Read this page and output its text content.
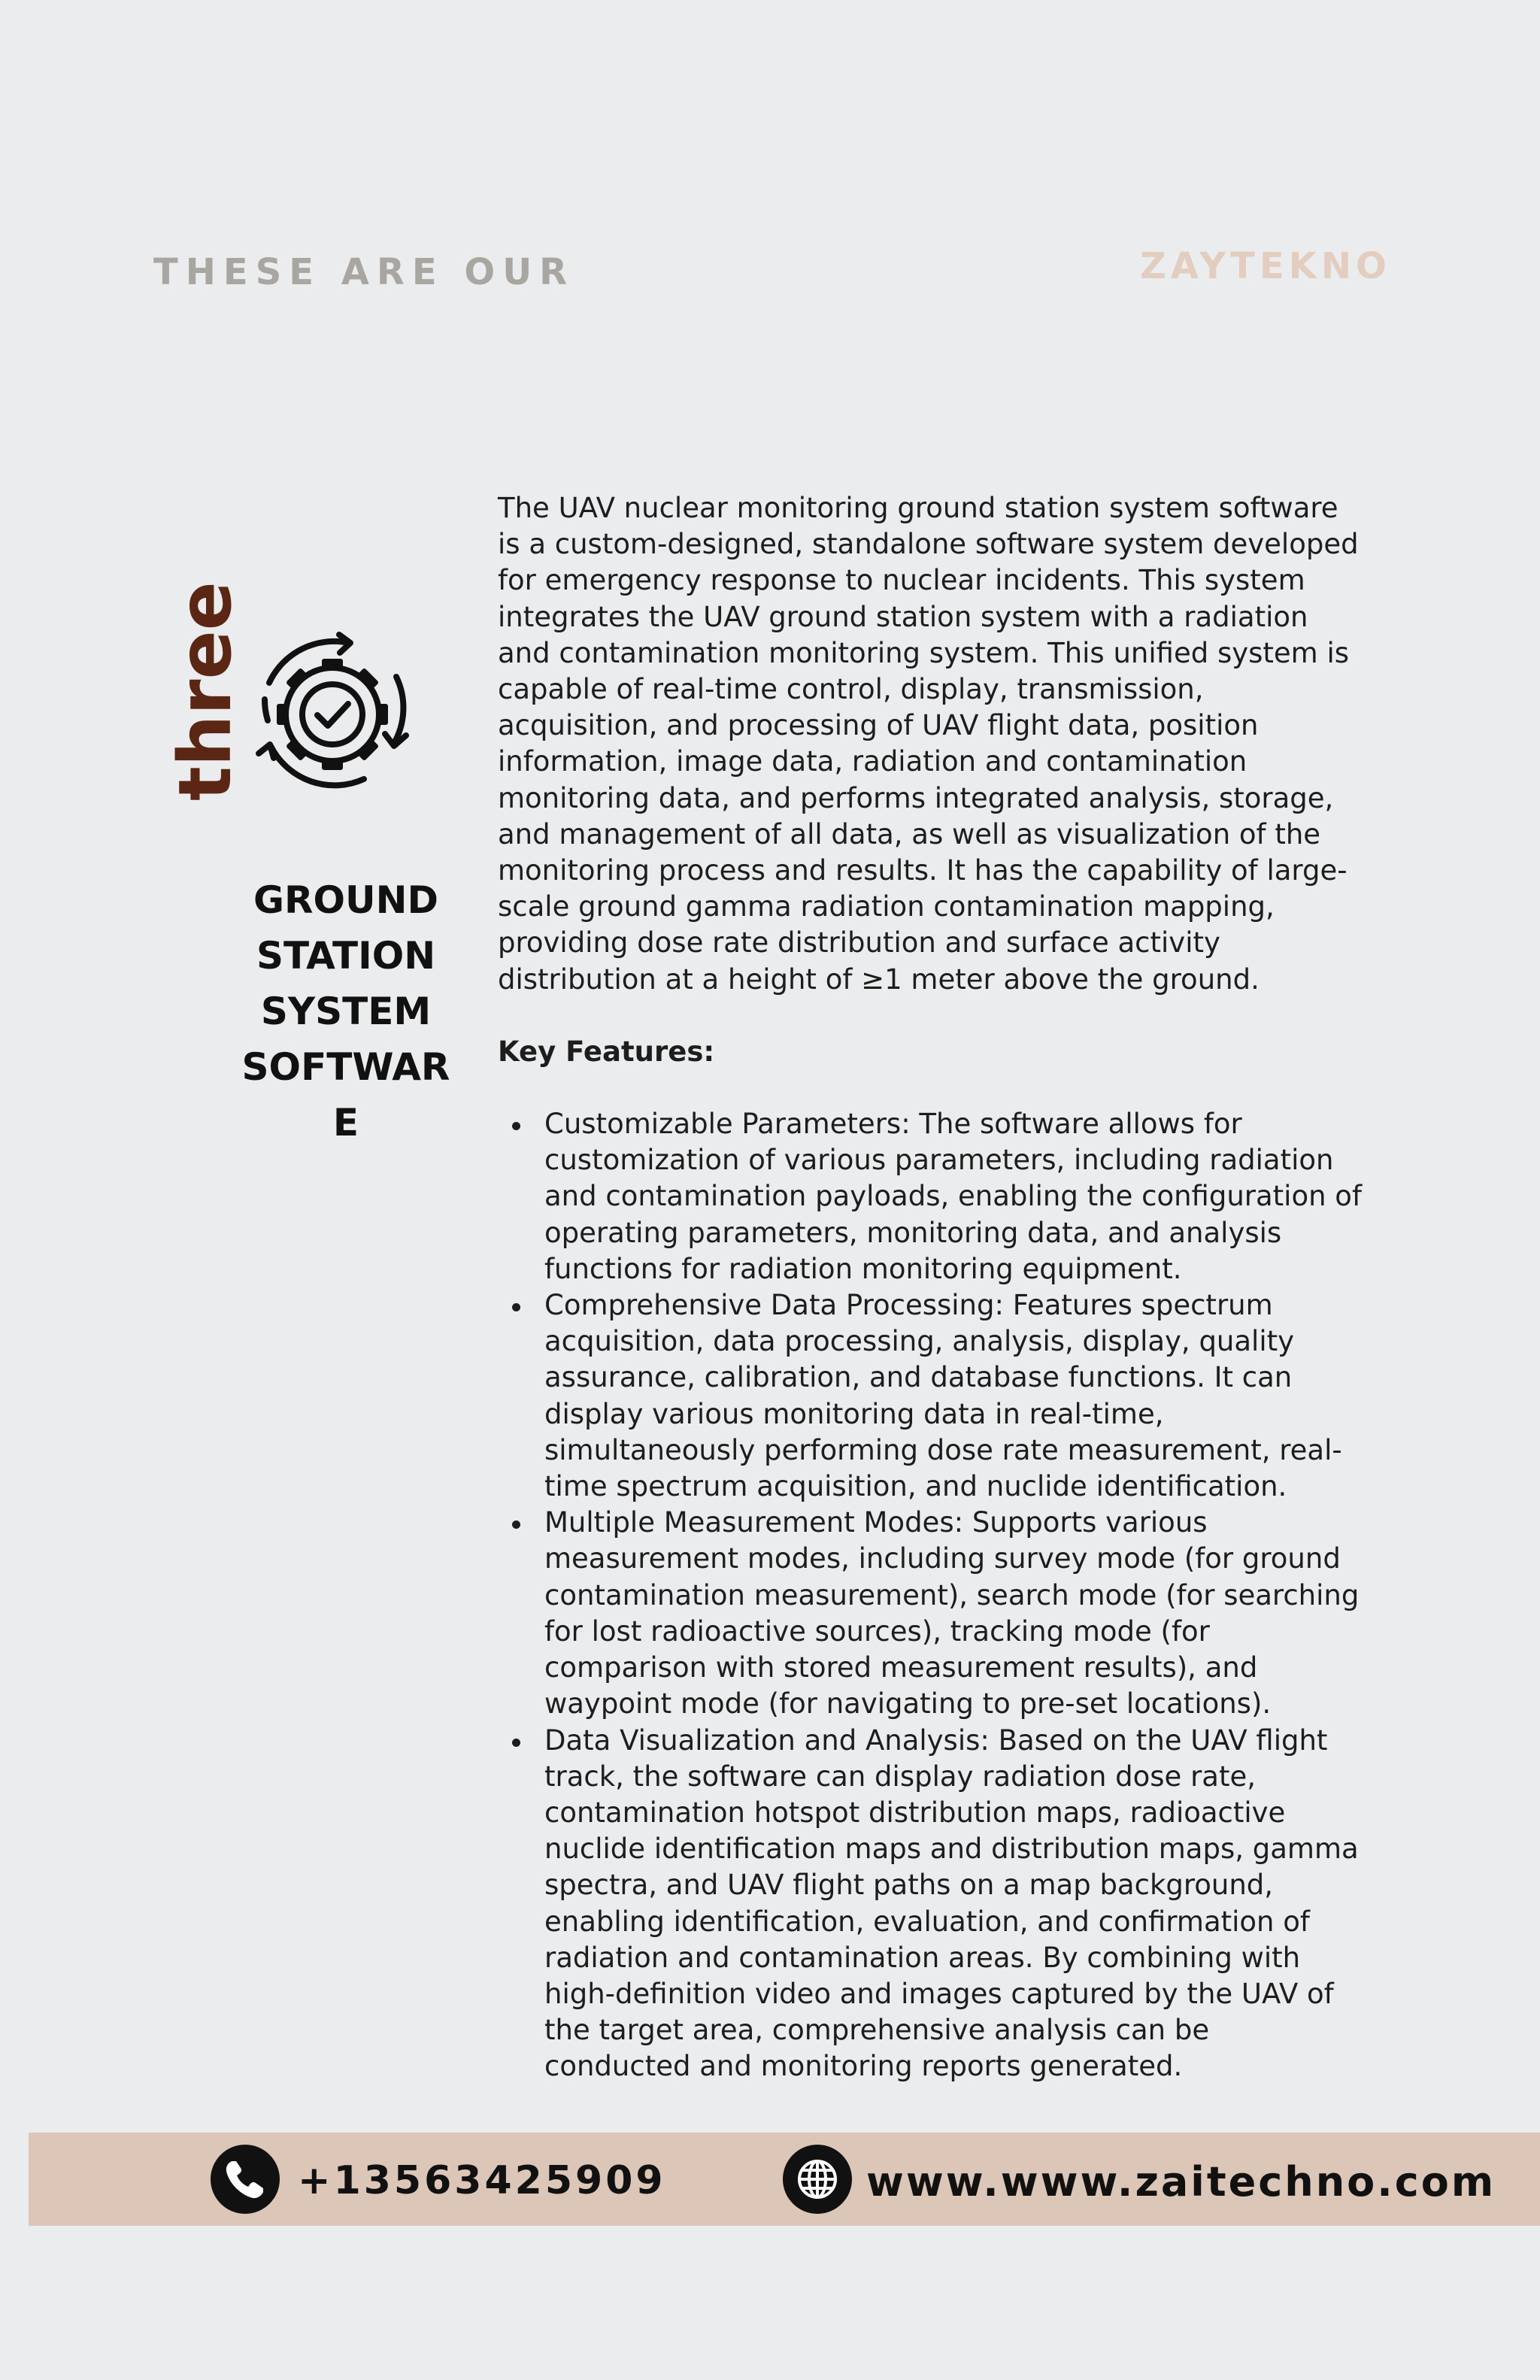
THESE ARE OUR	ZAYTEKNO
three
GROUND
STATION
SYSTEM
SOFTWAR
E

The UAV nuclear monitoring ground station system software is a custom-designed, standalone software system developed for emergency response to nuclear incidents. This system integrates the UAV ground station system with a radiation and contamination monitoring system. This unified system is capable of real-time control, display, transmission, acquisition, and processing of UAV flight data, position information, image data, radiation and contamination monitoring data, and performs integrated analysis, storage, and management of all data, as well as visualization of the monitoring process and results. It has the capability of large-scale ground gamma radiation contamination mapping, providing dose rate distribution and surface activity distribution at a height of ≥1 meter above the ground.

Key Features:

Customizable Parameters: The software allows for customization of various parameters, including radiation and contamination payloads, enabling the configuration of operating parameters, monitoring data, and analysis functions for radiation monitoring equipment.
Comprehensive Data Processing: Features spectrum acquisition, data processing, analysis, display, quality assurance, calibration, and database functions. It can display various monitoring data in real-time, simultaneously performing dose rate measurement, real-time spectrum acquisition, and nuclide identification.
Multiple Measurement Modes: Supports various measurement modes, including survey mode (for ground contamination measurement), search mode (for searching for lost radioactive sources), tracking mode (for comparison with stored measurement results), and waypoint mode (for navigating to pre-set locations).
Data Visualization and Analysis: Based on the UAV flight track, the software can display radiation dose rate, contamination hotspot distribution maps, radioactive nuclide identification maps and distribution maps, gamma spectra, and UAV flight paths on a map background, enabling identification, evaluation, and confirmation of radiation and contamination areas. By combining with high-definition video and images captured by the UAV of the target area, comprehensive analysis can be conducted and monitoring reports generated.
+13563425909	www.www.zaitechno.com
